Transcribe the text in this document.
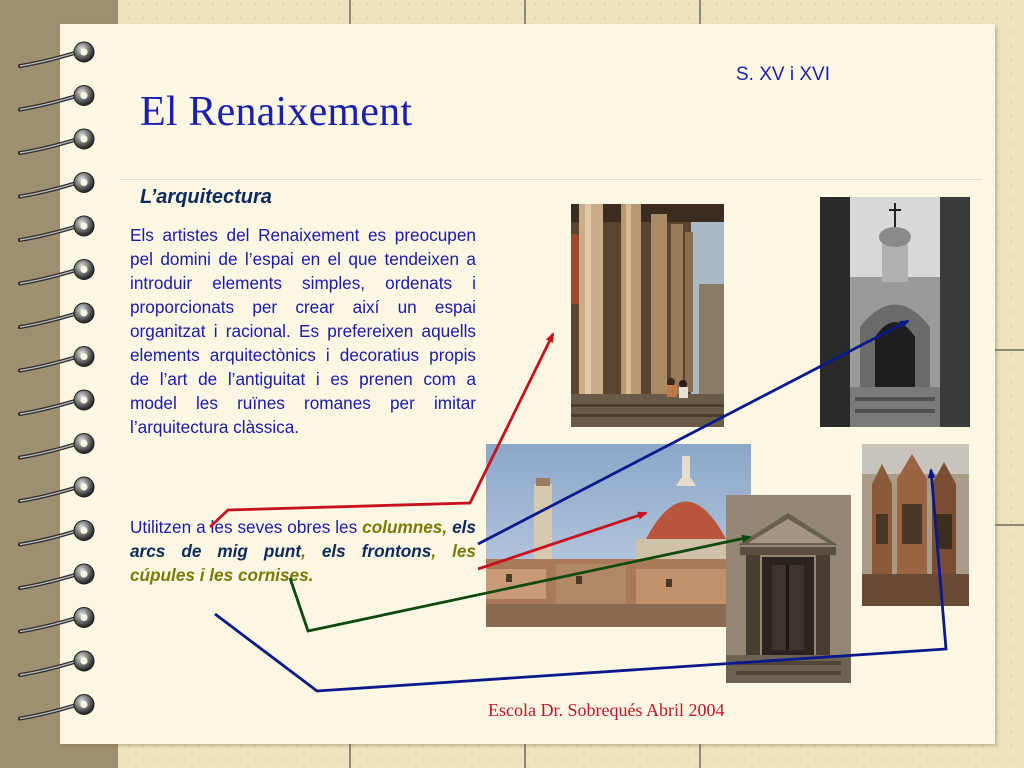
El Renaixement
S. XV i XVI
L’arquitectura

Els artistes del Renaixement es preocupen pel domini de l’espai en el que tendeixen a introduir elements simples, ordenats i proporcionats per crear així un espai organitzat i racional. Es prefereixen aquells elements arquitectònics i decoratius propis de l’art de l’antiguitat i es prenen com a model les ruïnes romanes per imitar l’arquitectura clàssica.

Utilitzen a les seves obres les columnes, els arcs de mig punt, els frontons, les cúpules i les cornises.

Escola Dr. Sobrequés Abril 2004
